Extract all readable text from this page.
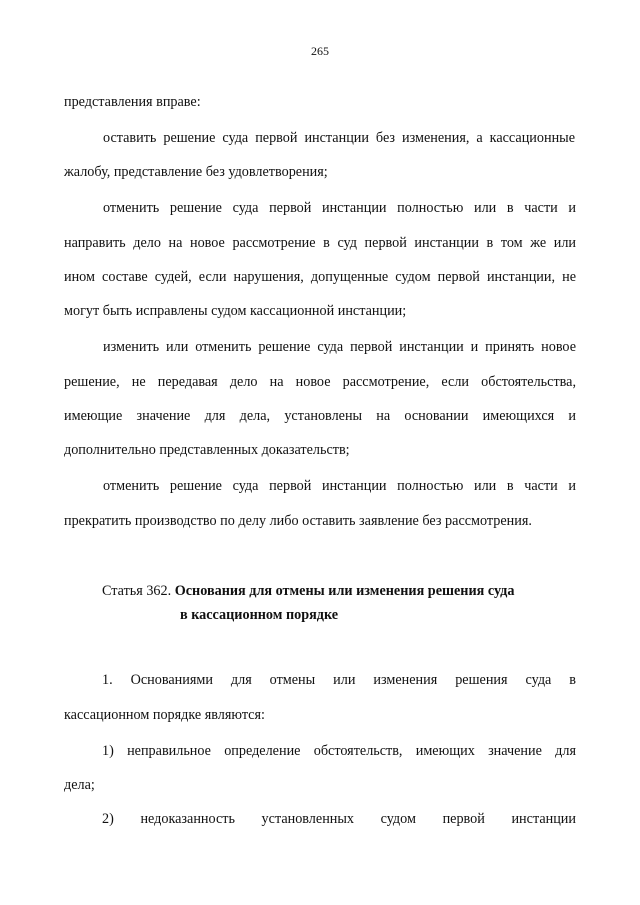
265
представления вправе:
оставить решение суда первой инстанции без изменения, а кассационные
жалобу, представление без удовлетворения;
отменить решение суда первой инстанции полностью или в части и
направить дело на новое рассмотрение в суд первой инстанции в том же или
ином составе судей, если нарушения, допущенные судом первой инстанции, не
могут быть исправлены судом кассационной инстанции;
изменить или отменить решение суда первой инстанции и принять новое
решение, не передавая дело на новое рассмотрение, если обстоятельства,
имеющие значение для дела, установлены на основании имеющихся и
дополнительно представленных доказательств;
отменить решение суда первой инстанции полностью или в части и
прекратить производство по делу либо оставить заявление без рассмотрения.
Статья 362. Основания для отмены или изменения решения суда
в кассационном порядке
1. Основаниями для отмены или изменения решения суда в
кассационном порядке являются:
1) неправильное определение обстоятельств, имеющих значение для
дела;
2) недоказанность установленных судом первой инстанции
